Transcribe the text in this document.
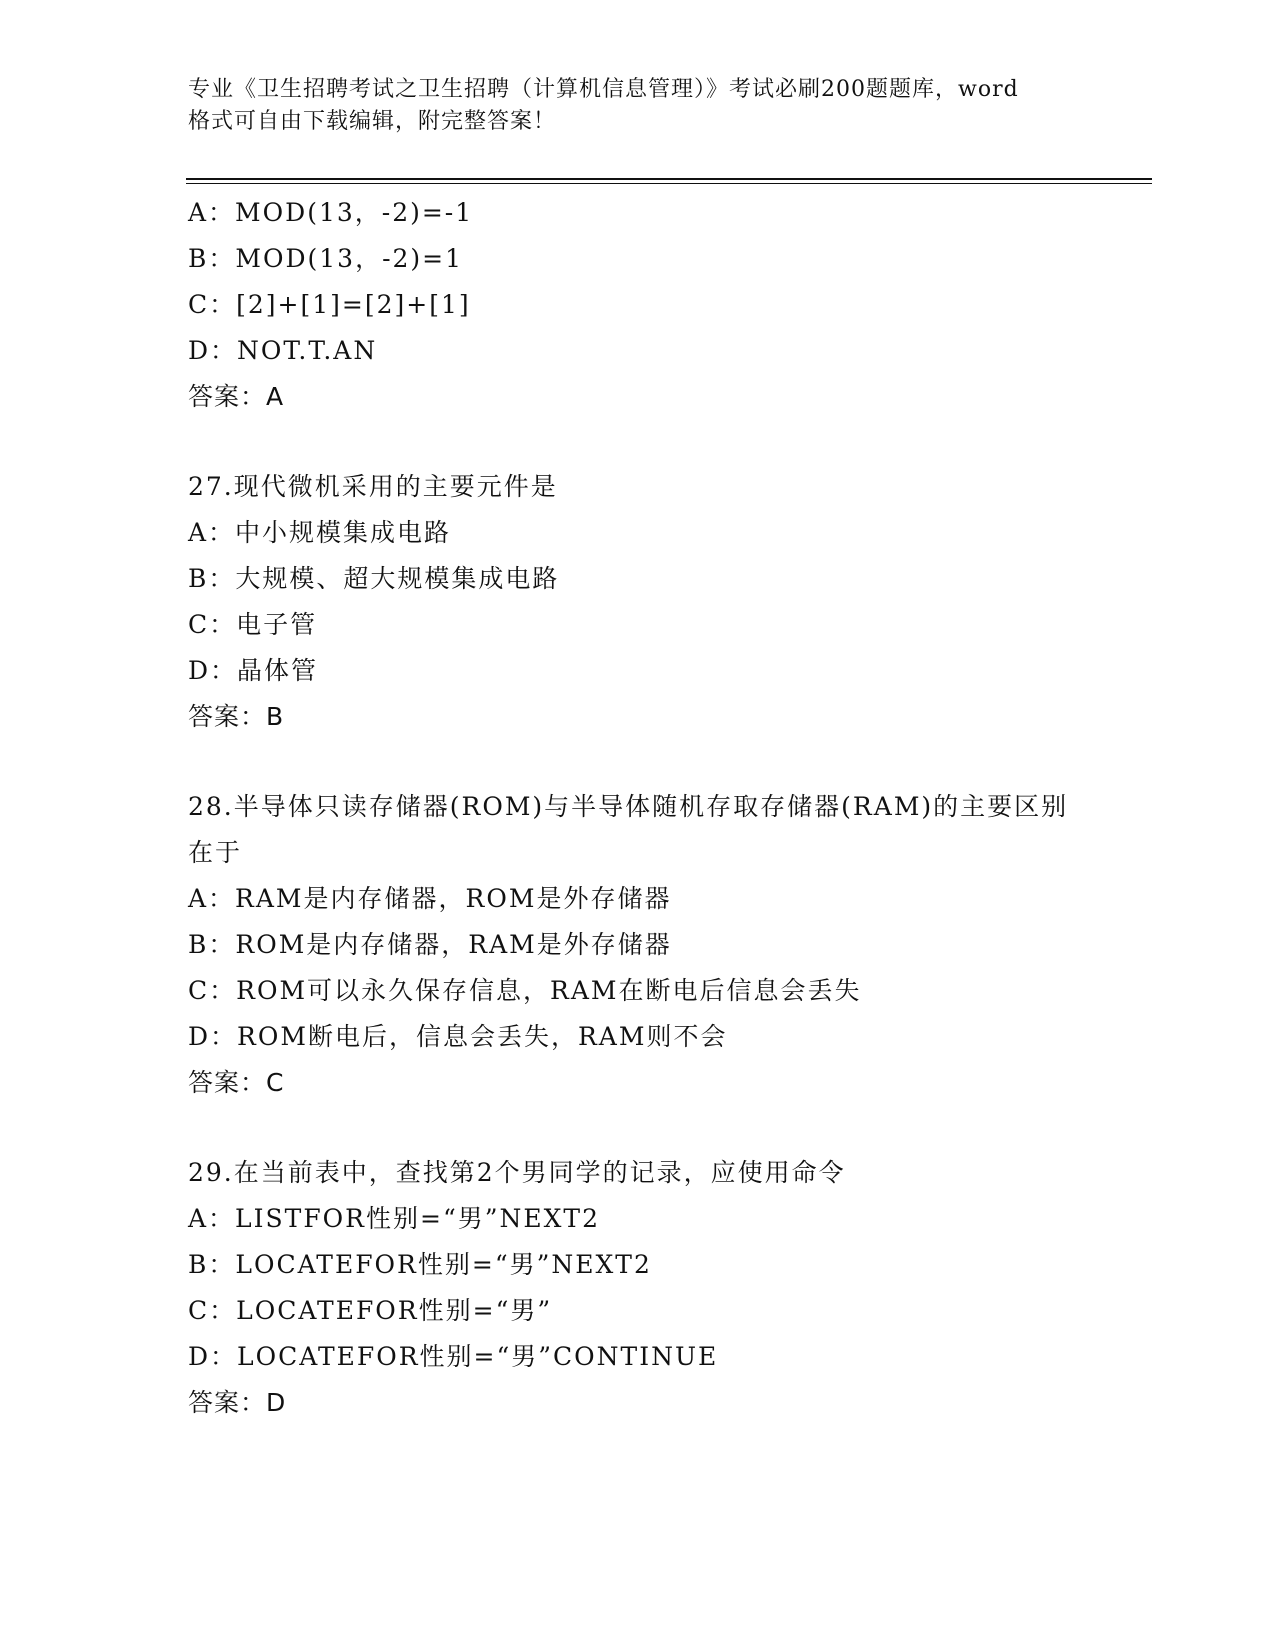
专业《卫生招聘考试之卫生招聘（计算机信息管理）》考试必刷200题题库，word
格式可自由下载编辑，附完整答案！
A：MOD(13，-2)=-1
B：MOD(13，-2)=1
C：[2]+[1]=[2]+[1]
D：NOT.T.AN
答案：A
27.现代微机采用的主要元件是
A：中小规模集成电路
B：大规模、超大规模集成电路
C：电子管
D：晶体管
答案：B
28.半导体只读存储器(ROM)与半导体随机存取存储器(RAM)的主要区别
在于
A：RAM是内存储器，ROM是外存储器
B：ROM是内存储器，RAM是外存储器
C：ROM可以永久保存信息，RAM在断电后信息会丢失
D：ROM断电后，信息会丢失，RAM则不会
答案：C
29.在当前表中，查找第2个男同学的记录，应使用命令
A：LISTFOR性别=“男”NEXT2
B：LOCATEFOR性别=“男”NEXT2
C：LOCATEFOR性别=“男”
D：LOCATEFOR性别=“男”CONTINUE
答案：D
